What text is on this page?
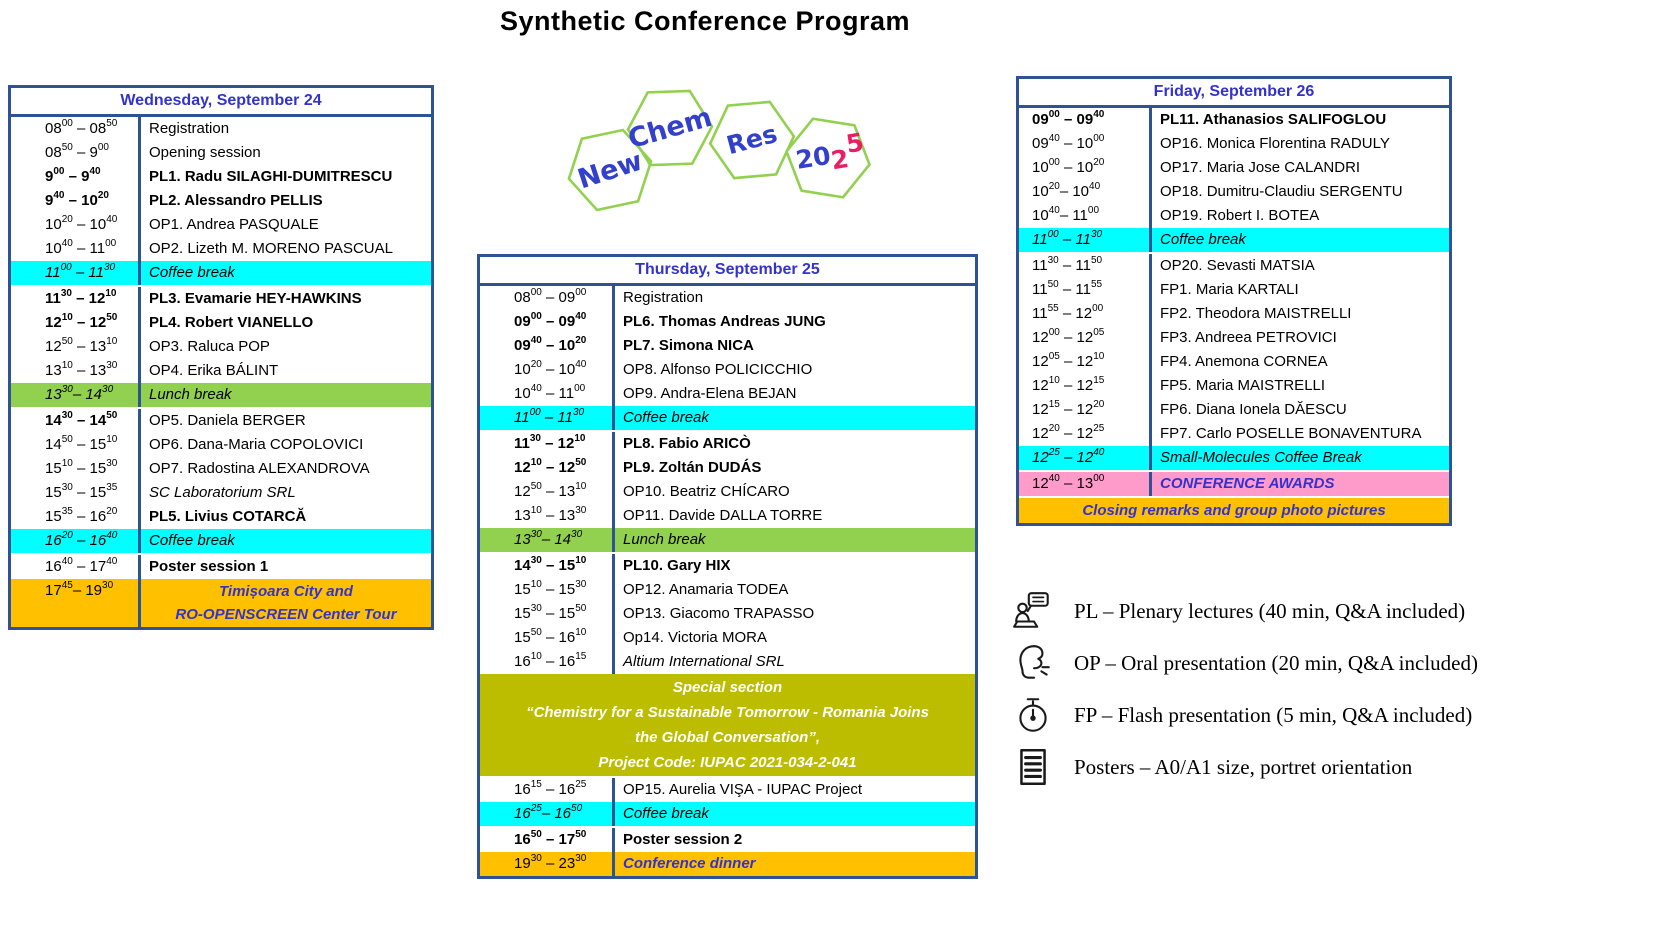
Synthetic Conference Program
New
Chem Res 2025
Wednesday, September 24
$08^{00} - 08^{50}$	Registration
$08^{50} - 9^{00}$	Opening session
$9^{00} - 9^{40}$	PL1. Radu SILAGHI-DUMITRESCU
$9^{40} - 10^{20}$	PL2. Alessandro PELLIS
$10^{20} - 10^{40}$	OP1. Andrea PASQUALE
$10^{40} - 11^{00}$	OP2. Lizeth M. MORENO PASCUAL
$11^{00} - 11^{30}$	Coffee break
$11^{30} - 12^{10}$	PL3. Evamarie HEY-HAWKINS
$12^{10} - 12^{50}$	PL4. Robert VIANELLO
$12^{50} - 13^{10}$	OP3. Raluca POP
$13^{10} - 13^{30}$	OP4. Erika BÁLINT
$13^{30}-$ $14^{30}$	Lunch break
$14^{30} - 14^{50}$	OP5. Daniela BERGER
$14^{50} - 15^{10}$	OP6. Dana-Maria COPOLOVICI
$15^{10} - 15^{30}$	OP7. Radostina ALEXANDROVA
$15^{30} - 15^{35}$	SC Laboratorium SRL
$15^{35} - 16^{20}$	PL5. Livius COTARCĂ
$16^{20} - 16^{40}$	Coffee break
$16^{40} - 17^{40}$	Poster session 1
$17^{45}-$ $19^{30}$	Timișoara City and
RO-OPENSCREEN Center Tour
Thursday, September 25
$08^{00} - 09^{00}$	Registration
$09^{00} - 09^{40}$	PL6. Thomas Andreas JUNG
$09^{40} - 10^{20}$	PL7. Simona NICA
$10^{20} - 10^{40}$	OP8. Alfonso POLICICCHIO
$10^{40} - 11^{00}$	OP9. Andra-Elena BEJAN
$11^{00} - 11^{30}$	Coffee break
$11^{30} - 12^{10}$	PL8. Fabio ARICÒ
$12^{10} - 12^{50}$	PL9. Zoltán DUDÁS
$12^{50} - 13^{10}$	OP10. Beatriz CHÍCARO
$13^{10} - 13^{30}$	OP11. Davide DALLA TORRE
$13^{30}-$ $14^{30}$	Lunch break
$14^{30} - 15^{10}$	PL10. Gary HIX
$15^{10} - 15^{30}$	OP12. Anamaria TODEA
$15^{30} - 15^{50}$	OP13. Giacomo TRAPASSO
$15^{50} - 16^{10}$	Op14. Victoria MORA
$16^{10} - 16^{15}$	Altium International SRL
Special section
“Chemistry for a Sustainable Tomorrow - Romania Joins
the Global Conversation”,
Project Code: IUPAC 2021-034-2-041
$16^{15} - 16^{25}$	OP15. Aurelia VIŞA - IUPAC Project
$16^{25}-$ $16^{50}$	Coffee break
$16^{50} - 17^{50}$	Poster session 2
$19^{30} - 23^{30}$	Conference dinner
Friday, September 26
$09^{00} - 09^{40}$	PL11. Athanasios SALIFOGLOU
$09^{40} - 10^{00}$	OP16. Monica Florentina RADULY
$10^{00} - 10^{20}$	OP17. Maria Jose CALANDRI
$10^{20}-$ $10^{40}$	OP18. Dumitru-Claudiu SERGENTU
$10^{40}-$ $11^{00}$	OP19. Robert I. BOTEA
$11^{00} - 11^{30}$	Coffee break
$11^{30} - 11^{50}$	OP20. Sevasti MATSIA
$11^{50} - 11^{55}$	FP1. Maria KARTALI
$11^{55} - 12^{00}$	FP2. Theodora MAISTRELLI
$12^{00} - 12^{05}$	FP3. Andreea PETROVICI
$12^{05} - 12^{10}$	FP4. Anemona CORNEA
$12^{10} - 12^{15}$	FP5. Maria MAISTRELLI
$12^{15} - 12^{20}$	FP6. Diana Ionela DĂESCU
$12^{20} - 12^{25}$	FP7. Carlo POSELLE BONAVENTURA
$12^{25} - 12^{40}$	Small-Molecules Coffee Break
$12^{40} - 13^{00}$	CONFERENCE AWARDS
Closing remarks and group photo pictures
PL – Plenary lectures (40 min, Q&A included)
OP – Oral presentation (20 min, Q&A included)
FP – Flash presentation (5 min, Q&A included)
Posters – A0/A1 size, portret orientation
